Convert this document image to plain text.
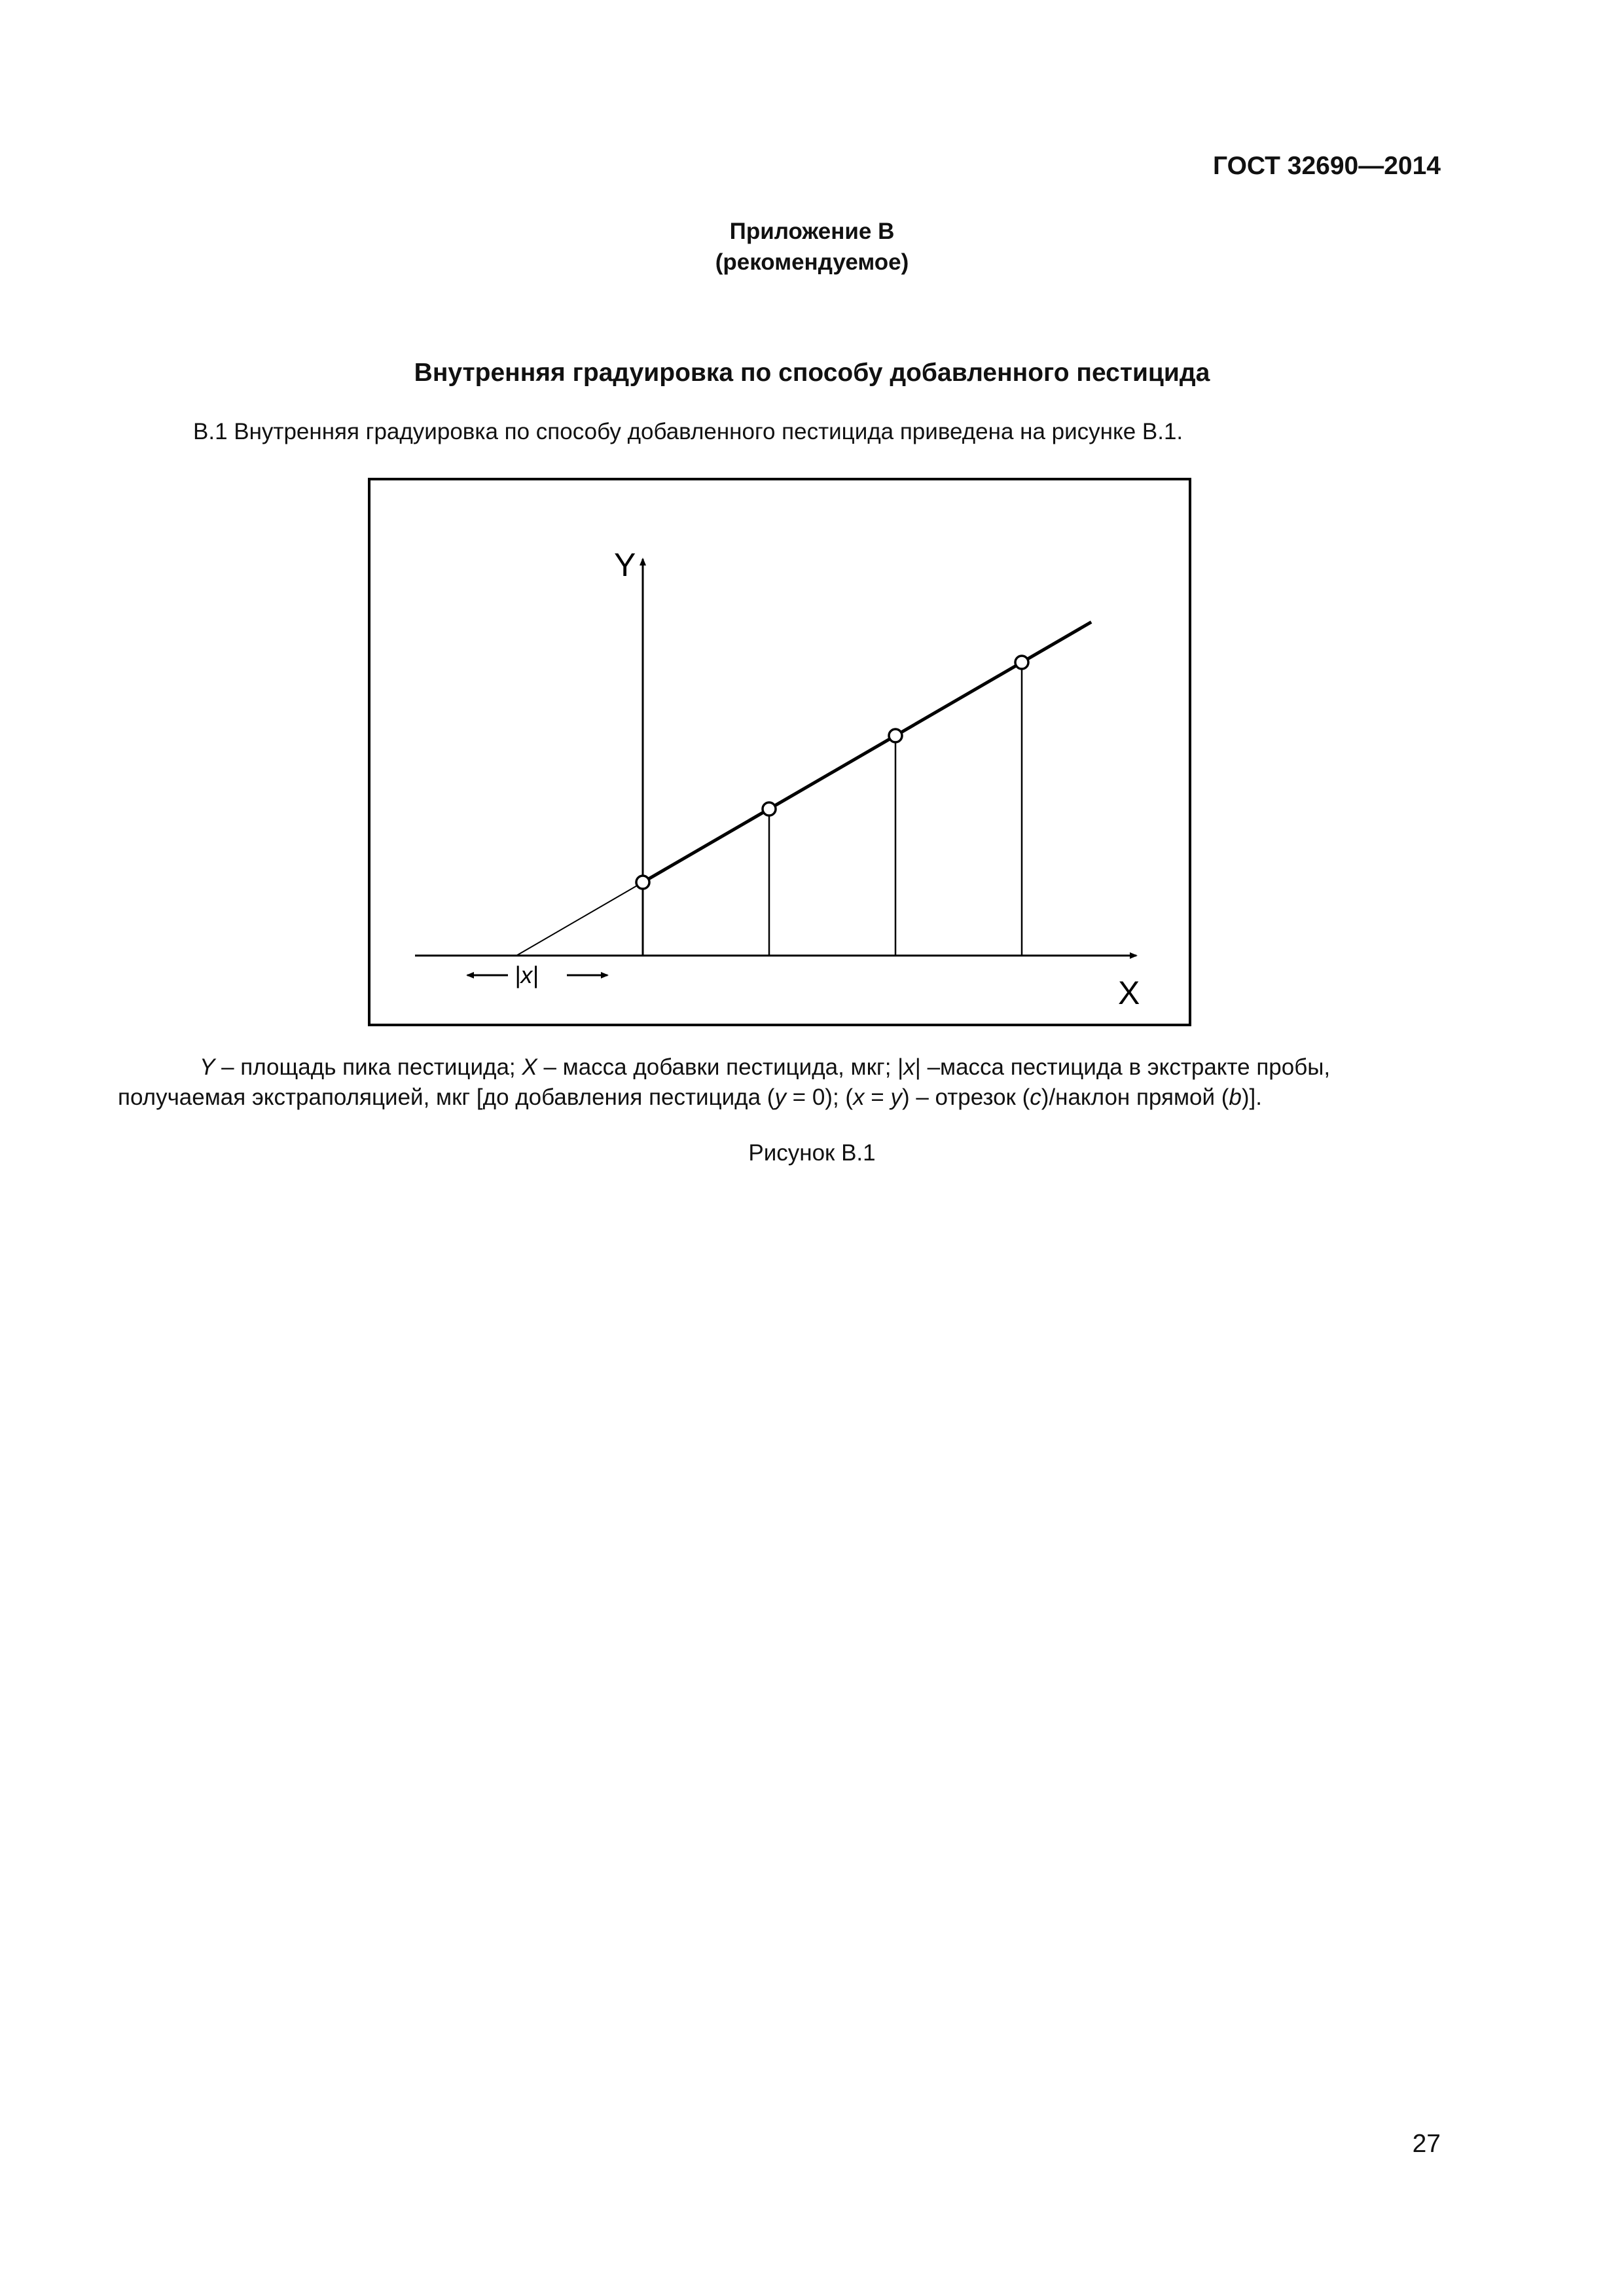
ГОСТ 32690—2014
Приложение В
(рекомендуемое)
Внутренняя градуировка по способу добавленного пестицида
В.1 Внутренняя градуировка по способу добавленного пестицида приведена на рисунке В.1.
Y
X
|x|
Y – площадь пика пестицида; X – масса добавки пестицида, мкг; |x| –масса пестицида в экстракте пробы,
получаемая экстраполяцией, мкг [до добавления пестицида (y = 0); (x = y) – отрезок (c)/наклон прямой (b)].
Рисунок В.1
27
